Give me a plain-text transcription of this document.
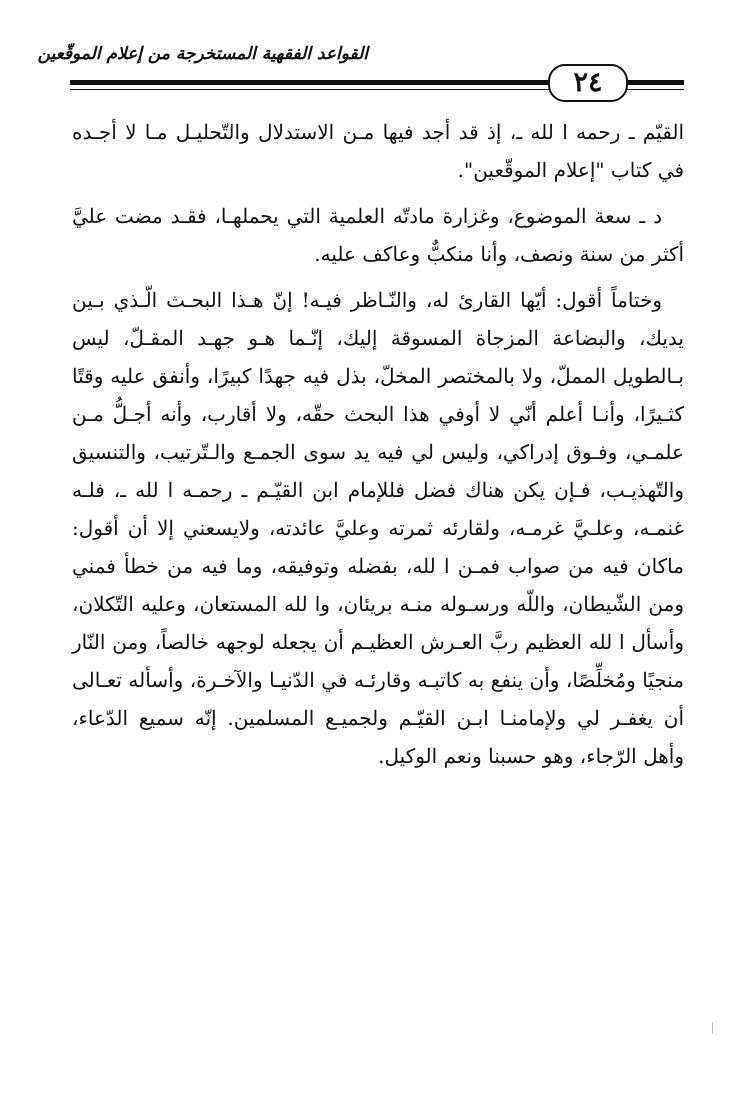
القواعد الفقهية المستخرجة من إعلام الموقّعين
٢٤

القيّم ـ رحمه ا لله ـ، إذ قد أجد فيها مـن الاستدلال والتّحليـل مـا لا أجـده في كتاب "إعلام الموقّعين".

د ـ سعة الموضوع، وغزارة مادتّه العلمية التي يحملهـا، فقـد مضت عليَّ أكثر من سنة ونصف، وأنا منكبٌّ وعاكف عليه.

وختاماً أقول: أيّها القارئ له، والنّـاظر فيـه! إنّ هـذا البحـث الّـذي بـين يديك، والبضاعة المزجاة المسوقة إليك، إنّـما هـو جهـد المقـلّ، ليس بـالطويل المملّ، ولا بالمختصر المخلّ، بذل فيه جهدًا كبيرًا، وأنفق عليه وقتًا كثـيرًا، وأنـا أعلم أنّي لا أوفي هذا البحث حقّه، ولا أقارب، وأنه أجـلُّ مـن علمـي، وفـوق إدراكي، وليس لي فيه يد سوى الجمـع والـتّرتيب، والتنسيق والتّهذيـب، فـإن يكن هناك فضل فللإمام ابن القيّـم ـ رحمـه ا لله ـ، فلـه غنمـه، وعلـيَّ غرمـه، ولقارئه ثمرته وعليَّ عائدته، ولايسعني إلا أن أقول: ماكان فيه من صواب فمـن ا لله، بفضله وتوفيقه، وما فيه من خطأ فمني ومن الشّيطان، واللّه ورسـوله منـه بريئان، وا لله المستعان، وعليه التّكلان، وأسأل ا لله العظيم ربَّ العـرش العظيـم أن يجعله لوجهه خالصاً، ومن النّار منجيًا ومُخلِّصًا، وأن ينفع به كاتبـه وقارئـه في الدّنيـا والآخـرة، وأسأله تعـالى أن يغفـر لي ولإمامنـا ابـن القيّـم ولجميـع المسلمين. إنّه سميع الدّعاء، وأهل الرّجاء، وهو حسبنا ونعم الوكيل.
